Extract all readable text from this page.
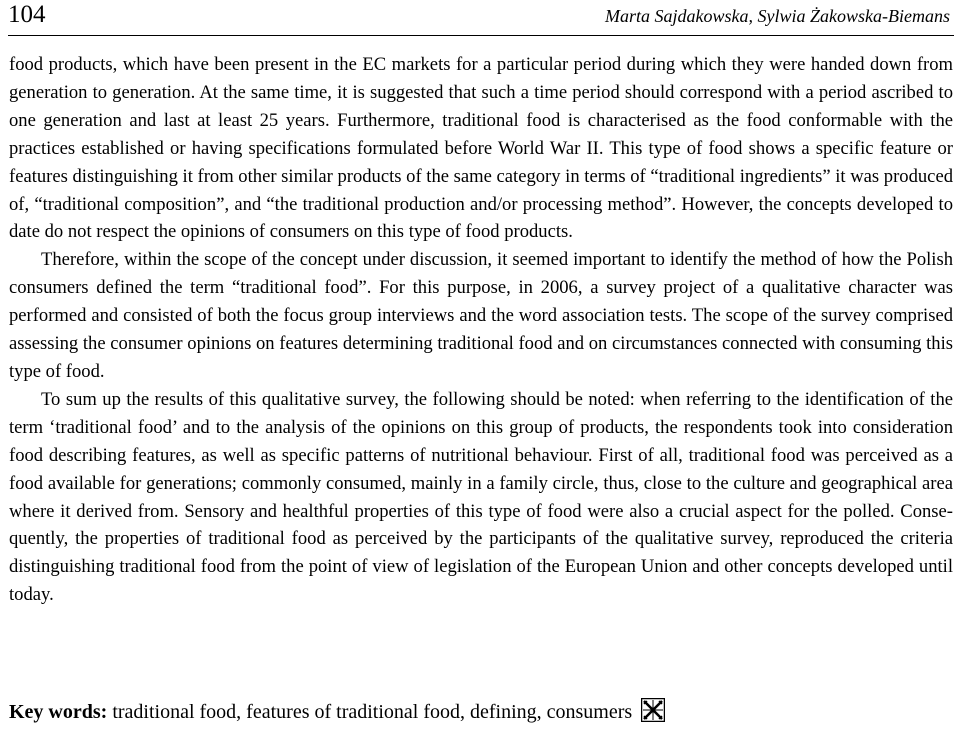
104	Marta Sajdakowska, Sylwia Żakowska-Biemans

food products, which have been present in the EC markets for a particular period during which they were handed down from generation to generation. At the same time, it is suggested that such a time period should correspond with a period ascribed to one generation and last at least 25 years. Furthermore, traditional food is characterised as the food conformable with the practices established or having specifications formulated before World War II. This type of food shows a specific feature or features distinguishing it from other similar products of the same category in terms of “traditional ingredients” it was produced of, “traditional composition”, and “the traditional production and/or processing method”. However, the concepts developed to date do not respect the opinions of consumers on this type of food products.

Therefore, within the scope of the concept under discussion, it seemed important to identify the method of how the Polish consumers defined the term “traditional food”. For this purpose, in 2006, a survey project of a qualitative character was performed and consisted of both the focus group interviews and the word association tests. The scope of the survey comprised assessing the consumer opinions on features determining traditional food and on circumstances connected with consuming this type of food.

To sum up the results of this qualitative survey, the following should be noted: when referring to the identification of the term ‘traditional food’ and to the analysis of the opinions on this group of products, the respondents took into consideration food describing features, as well as specific patterns of nutritional behaviour. First of all, traditional food was perceived as a food available for generations; commonly consumed, mainly in a family circle, thus, close to the culture and geographical area where it derived from. Sensory and healthful properties of this type of food were also a crucial aspect for the polled. Consequently, the properties of traditional food as perceived by the participants of the qualitative survey, reproduced the criteria distinguishing traditional food from the point of view of legislation of the European Union and other concepts developed until today.

Key words: traditional food, features of traditional food, defining, consumers
